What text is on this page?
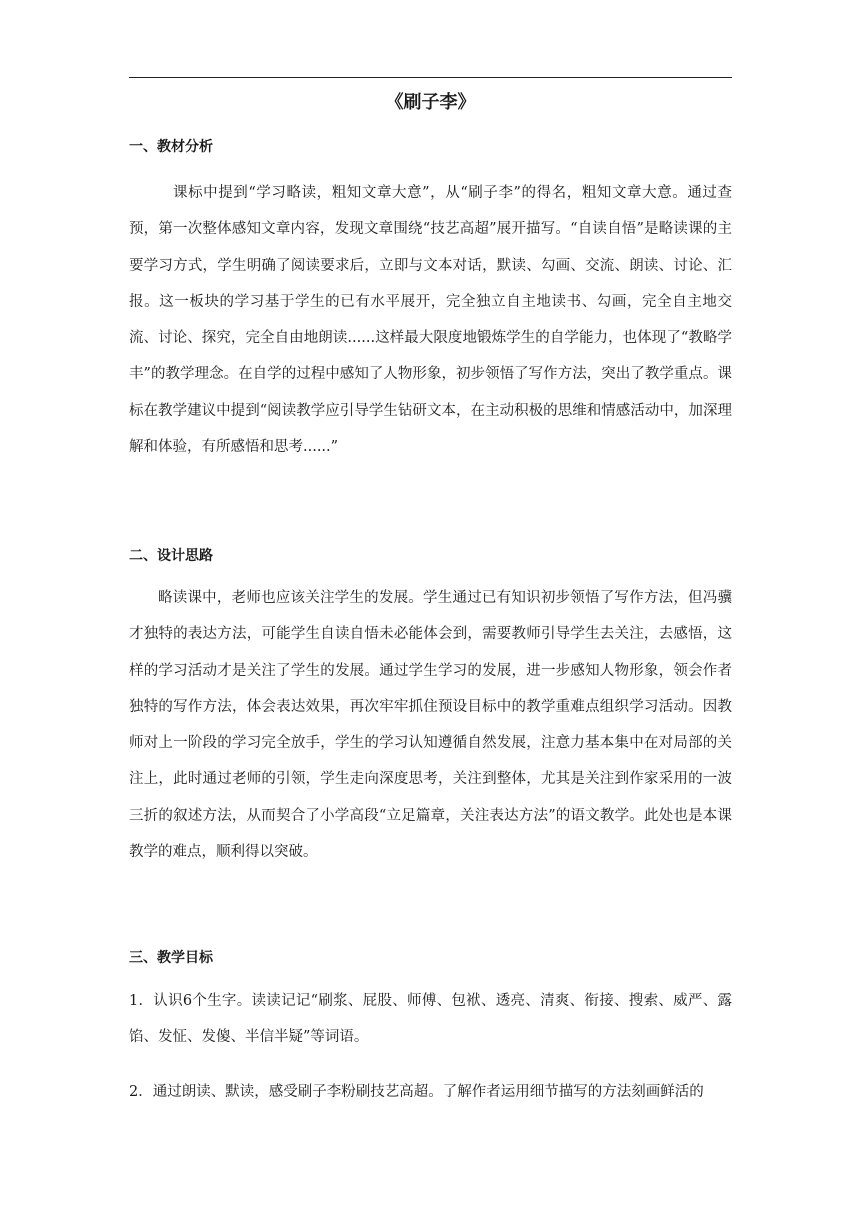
《刷子李》
一、教材分析

课标中提到“学习略读，粗知文章大意”，从“刷子李”的得名，粗知文章大意。通过查预，第一次整体感知文章内容，发现文章围绕“技艺高超”展开描写。“自读自悟”是略读课的主要学习方式，学生明确了阅读要求后，立即与文本对话，默读、勾画、交流、朗读、讨论、汇报。这一板块的学习基于学生的已有水平展开，完全独立自主地读书、勾画，完全自主地交流、讨论、探究，完全自由地朗读......这样最大限度地锻炼学生的自学能力，也体现了“教略学丰”的教学理念。在自学的过程中感知了人物形象，初步领悟了写作方法，突出了教学重点。课标在教学建议中提到“阅读教学应引导学生钻研文本，在主动积极的思维和情感活动中，加深理解和体验，有所感悟和思考......”

二、设计思路

略读课中，老师也应该关注学生的发展。学生通过已有知识初步领悟了写作方法，但冯骥才独特的表达方法，可能学生自读自悟未必能体会到，需要教师引导学生去关注，去感悟，这样的学习活动才是关注了学生的发展。通过学生学习的发展，进一步感知人物形象，领会作者独特的写作方法，体会表达效果，再次牢牢抓住预设目标中的教学重难点组织学习活动。因教师对上一阶段的学习完全放手，学生的学习认知遵循自然发展，注意力基本集中在对局部的关注上，此时通过老师的引领，学生走向深度思考，关注到整体，尤其是关注到作家采用的一波三折的叙述方法，从而契合了小学高段“立足篇章，关注表达方法”的语文教学。此处也是本课教学的难点，顺利得以突破。

三、教学目标

1．认识6个生字。读读记记“刷浆、屁股、师傅、包袱、透亮、清爽、衔接、搜索、威严、露馅、发怔、发傻、半信半疑”等词语。

2．通过朗读、默读，感受刷子李粉刷技艺高超。了解作者运用细节描写的方法刻画鲜活的
